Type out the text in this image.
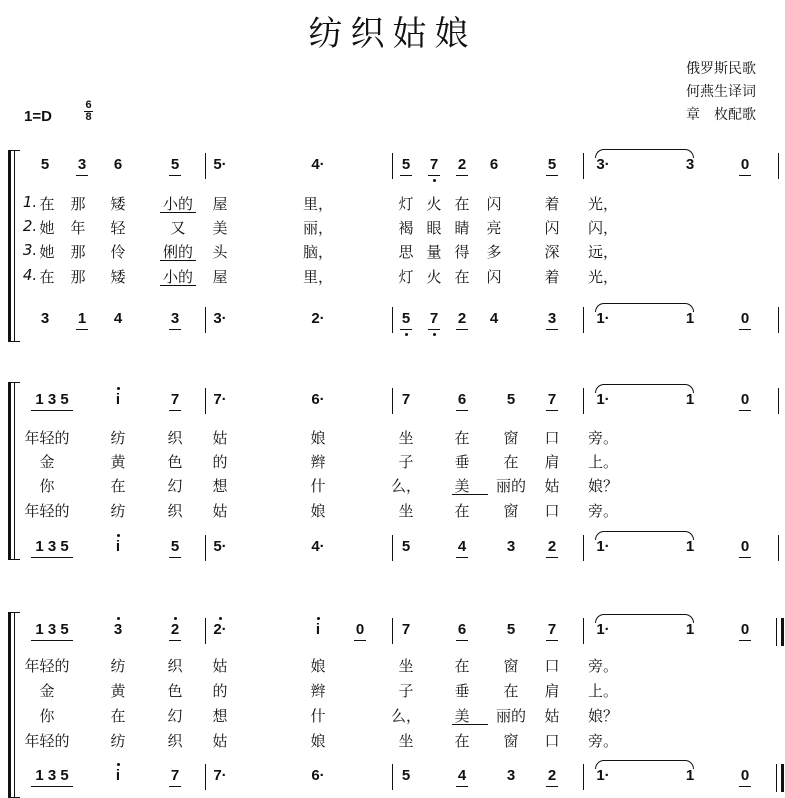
纺织姑娘
俄罗斯民歌
何燕生译词
章　枚配歌
1=D
6
8
5 3 6	5 5·	4·	5 7 2 6	5	3·	3	0
3 1 4	3 3·	2·	5 7 2 4	3	1·	1	0
1. 在 那 矮 小的 屋	里，	灯 火 在 闪	着 光，
2. 她 年 轻	又 美	丽，	褐 眼 睛 亮	闪 闪，
3. 她 那 伶 俐的 头	脑，	思 量 得 多	深 远，
4. 在 那 矮 小的 屋	里，	灯 火 在 闪	着 光，
1 3 5	i	7 7·	6·	7	6	5 7	1·	1	0
1 3 5	i	5 5·	4·	5	4	3 2	1·	1	0
年轻的	纺	织 姑	娘	坐	在 窗 口 旁。
金	黄	色 的	辫	子	垂 在 肩 上。
你	在	幻 想	什	么， 美 丽的 姑 娘？
年轻的	纺	织 姑	娘	坐	在 窗 口 旁。
1 3 5	3	2 2·	i 0	7	6	5 7	1·	1	0
1 3 5	i	7 7·	6·	5	4	3 2	1·	1	0
年轻的	纺	织 姑	娘	坐	在 窗 口 旁。
金	黄	色 的	辫	子	垂 在 肩 上。
你	在	幻 想	什	么， 美 丽的 姑 娘？
年轻的	纺	织 姑	娘	坐	在 窗 口 旁。
